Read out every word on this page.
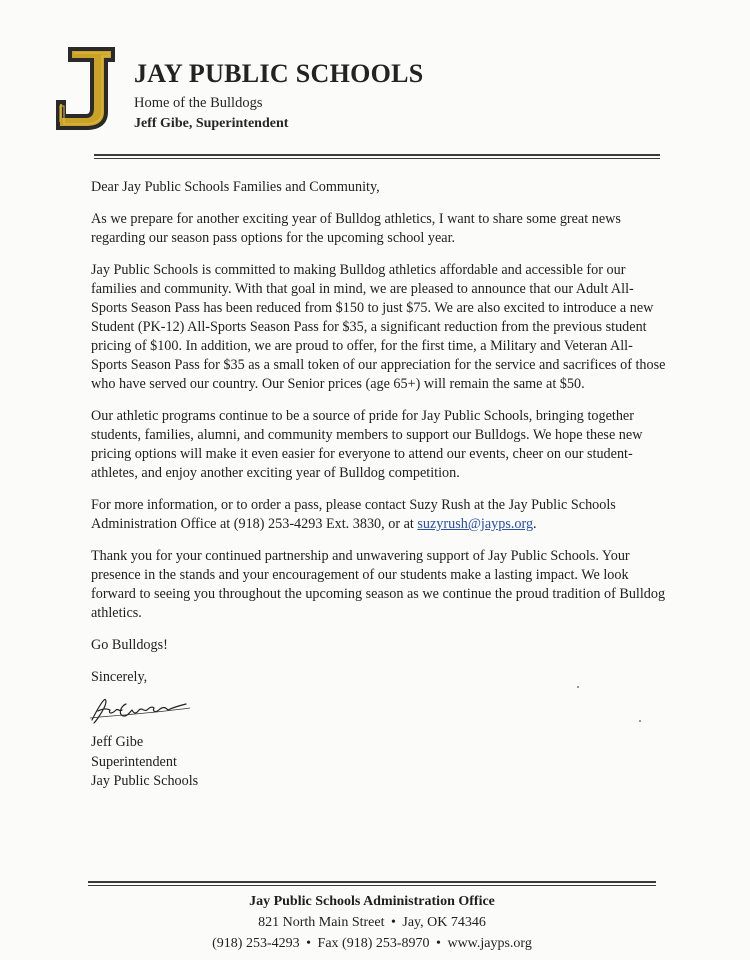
JAY PUBLIC SCHOOLS
Home of the Bulldogs
Jeff Gibe, Superintendent

Dear Jay Public Schools Families and Community,

As we prepare for another exciting year of Bulldog athletics, I want to share some great news regarding our season pass options for the upcoming school year.

Jay Public Schools is committed to making Bulldog athletics affordable and accessible for our families and community. With that goal in mind, we are pleased to announce that our Adult All-Sports Season Pass has been reduced from $150 to just $75. We are also excited to introduce a new Student (PK-12) All-Sports Season Pass for $35, a significant reduction from the previous student pricing of $100. In addition, we are proud to offer, for the first time, a Military and Veteran All-Sports Season Pass for $35 as a small token of our appreciation for the service and sacrifices of those who have served our country. Our Senior prices (age 65+) will remain the same at $50.

Our athletic programs continue to be a source of pride for Jay Public Schools, bringing together students, families, alumni, and community members to support our Bulldogs. We hope these new pricing options will make it even easier for everyone to attend our events, cheer on our student-athletes, and enjoy another exciting year of Bulldog competition.

For more information, or to order a pass, please contact Suzy Rush at the Jay Public Schools Administration Office at (918) 253-4293 Ext. 3830, or at suzyrush@jayps.org.

Thank you for your continued partnership and unwavering support of Jay Public Schools. Your presence in the stands and your encouragement of our students make a lasting impact. We look forward to seeing you throughout the upcoming season as we continue the proud tradition of Bulldog athletics.

Go Bulldogs!

Sincerely,

Jeff Gibe
Superintendent
Jay Public Schools
Jay Public Schools Administration Office
821 North Main Street • Jay, OK 74346
(918) 253-4293 • Fax (918) 253-8970 • www.jayps.org
